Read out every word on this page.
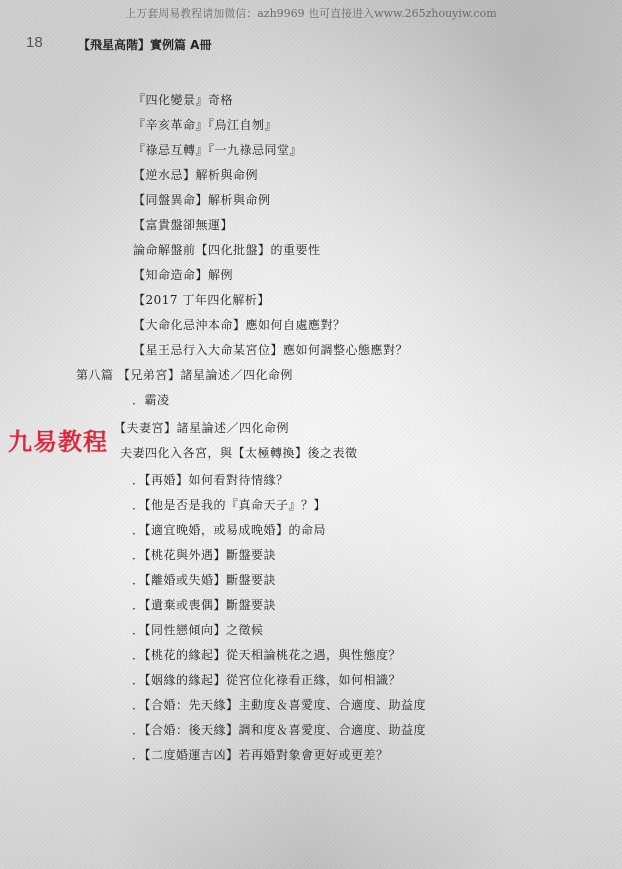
上万套周易教程请加微信：azh9969 也可直接进入www.265zhouyiw.com
18	【飛星高階】實例篇 A冊
九易教程
『四化變景』奇格
『辛亥革命』『烏江自刎』
『祿忌互轉』『一九祿忌同堂』
【逆水忌】解析與命例
【同盤異命】解析與命例
【富貴盤卻無運】
論命解盤前【四化批盤】的重要性
【知命造命】解例
【2017 丁年四化解析】
【大命化忌沖本命】應如何自處應對？
【星王忌行入大命某宮位】應如何調整心態應對？
第八篇 【兄弟宮】諸星論述／四化命例
．霸凌
【夫妻宮】諸星論述／四化命例
夫妻四化入各宮，與【太極轉換】後之表徵
．【再婚】如何看對待情緣？
．【他是否是我的『真命天子』？】
．【適宜晚婚，或易成晚婚】的命局
．【桃花與外遇】斷盤要訣
．【離婚或失婚】斷盤要訣
．【遺棄或喪偶】斷盤要訣
．【同性戀傾向】之徵候
．【桃花的緣起】從天相論桃花之遇，與性態度？
．【姻緣的緣起】從宮位化祿看正緣，如何相識？
．【合婚：先天緣】主動度＆喜愛度、合適度、助益度
．【合婚：後天緣】調和度＆喜愛度、合適度、助益度
．【二度婚運吉凶】若再婚對象會更好或更差？
